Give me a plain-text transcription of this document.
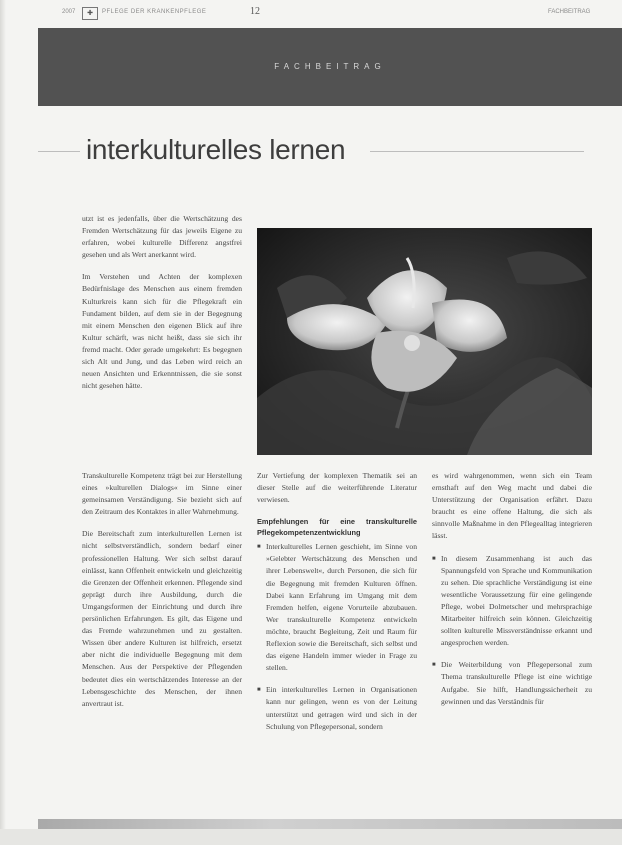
2007	✚	PFLEGE DER KRANKENPFLEGE	12	FACHBEITRAG
FACHBEITRAG
interkulturelles lernen

utzt ist es jedenfalls, über die Wertschätzung des Fremden Wertschätzung für das jeweils Eigene zu erfahren, wobei kulturelle Differenz angstfrei gesehen und als Wert anerkannt wird.

Im Verstehen und Achten der komplexen Bedürfnislage des Menschen aus einem fremden Kulturkreis kann sich für die Pflegekraft ein Fundament bilden, auf dem sie in der Begegnung mit einem Menschen den eigenen Blick auf ihre Kultur schärft, was nicht heißt, dass sie sich ihr fremd macht. Oder gerade umgekehrt: Es begegnen sich Alt und Jung, und das Leben wird reich an neuen Ansichten und Erkenntnissen, die sie sonst nicht gesehen hätte.

Transkulturelle Kompetenz trägt bei zur Herstellung eines »kulturellen Dialogs« im Sinne einer gemeinsamen Verständigung. Sie bezieht sich auf den Zeitraum des Kontaktes in aller Wahrnehmung.

Die Bereitschaft zum interkulturellen Lernen ist nicht selbstverständlich, sondern bedarf einer professionellen Haltung. Wer sich selbst darauf einlässt, kann Offenheit entwickeln und gleichzeitig die Grenzen der Offenheit erkennen. Pflegende sind geprägt durch ihre Ausbildung, durch die Umgangsformen der Einrichtung und durch ihre persönlichen Erfahrungen. Es gilt, das Eigene und das Fremde wahrzunehmen und zu gestalten. Wissen über andere Kulturen ist hilfreich, ersetzt aber nicht die individuelle Begegnung mit dem Menschen. Aus der Perspektive der Pflegenden bedeutet dies ein wertschätzendes Interesse an der Lebensgeschichte des Menschen, der ihnen anvertraut ist.

Zur Vertiefung der komplexen Thematik sei an dieser Stelle auf die weiterführende Literatur verwiesen.

Empfehlungen für eine transkulturelle Pflegekompetenzentwicklung
■ Interkulturelles Lernen geschieht, im Sinne von »Gelebter Wertschätzung des Menschen und ihrer Lebenswelt«, durch Personen, die sich für die Begegnung mit fremden Kulturen öffnen. Dabei kann Erfahrung im Umgang mit dem Fremden helfen, eigene Vorurteile abzubauen. Wer transkulturelle Kompetenz entwickeln möchte, braucht Begleitung, Zeit und Raum für Reflexion sowie die Bereitschaft, sich selbst und das eigene Handeln immer wieder in Frage zu stellen.
■ Ein interkulturelles Lernen in Organisationen kann nur gelingen, wenn es von der Leitung unterstützt und getragen wird und sich in der Schulung von Pflegepersonal, sondern

es wird wahrgenommen, wenn sich ein Team ernsthaft auf den Weg macht und dabei die Unterstützung der Organisation erfährt. Dazu braucht es eine offene Haltung, die sich als sinnvolle Maßnahme in den Pflegealltag integrieren lässt.

■ In diesem Zusammenhang ist auch das Spannungsfeld von Sprache und Kommunikation zu sehen. Die sprachliche Verständigung ist eine wesentliche Voraussetzung für eine gelingende Pflege, wobei Dolmetscher und mehrsprachige Mitarbeiter hilfreich sein können. Gleichzeitig sollten kulturelle Missverständnisse erkannt und angesprochen werden.
■ Die Weiterbildung von Pflegepersonal zum Thema transkulturelle Pflege ist eine wichtige Aufgabe. Sie hilft, Handlungssicherheit zu gewinnen und das Verständnis für
